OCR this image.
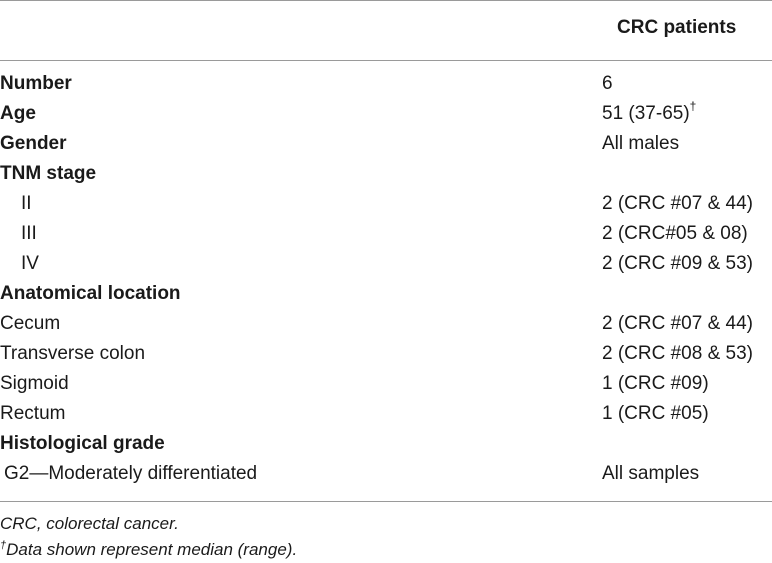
CRC patients
Number	6
Age	51 (37-65)†
Gender	All males
TNM stage
II	2 (CRC #07 & 44)
III	2 (CRC#05 & 08)
IV	2 (CRC #09 & 53)
Anatomical location
Cecum	2 (CRC #07 & 44)
Transverse colon	2 (CRC #08 & 53)
Sigmoid	1 (CRC #09)
Rectum	1 (CRC #05)
Histological grade
G2—Moderately differentiated	All samples
CRC, colorectal cancer.
†Data shown represent median (range).
